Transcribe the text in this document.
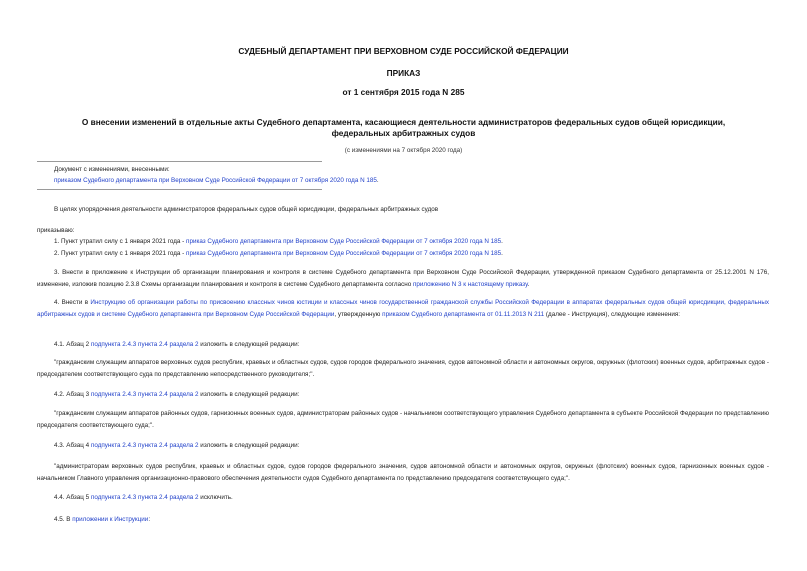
СУДЕБНЫЙ ДЕПАРТАМЕНТ ПРИ ВЕРХОВНОМ СУДЕ РОССИЙСКОЙ ФЕДЕРАЦИИ
ПРИКАЗ
от 1 сентября 2015 года N 285
О внесении изменений в отдельные акты Судебного департамента, касающиеся деятельности администраторов федеральных судов общей юрисдикции,
федеральных арбитражных судов
(с изменениями на 7 октября 2020 года)
Документ с изменениями, внесенными:
приказом Судебного департамента при Верховном Суде Российской Федерации от 7 октября 2020 года N 185.
В целях упорядочения деятельности администраторов федеральных судов общей юрисдикции, федеральных арбитражных судов
приказываю:
1. Пункт утратил силу с 1 января 2021 года - приказ Судебного департамента при Верховном Суде Российской Федерации от 7 октября 2020 года N 185.
2. Пункт утратил силу с 1 января 2021 года - приказ Судебного департамента при Верховном Суде Российской Федерации от 7 октября 2020 года N 185.
3. Внести в приложение к Инструкции об организации планирования и контроля в системе Судебного департамента при Верховном Суде Российской Федерации, утвержденной приказом Судебного департамента от 25.12.2001 N 176, изменение, изложив позицию 2.3.8 Схемы организации планирования и контроля в системе Судебного департамента согласно приложению N 3 к настоящему приказу.
4. Внести в Инструкцию об организации работы по присвоению классных чинов юстиции и классных чинов государственной гражданской службы Российской Федерации в аппаратах федеральных судов общей юрисдикции, федеральных арбитражных судов и системе Судебного департамента при Верховном Суде Российской Федерации, утвержденную приказом Судебного департамента от 01.11.2013 N 211 (далее - Инструкция), следующие изменения:
4.1. Абзац 2 подпункта 2.4.3 пункта 2.4 раздела 2 изложить в следующей редакции:
"гражданским служащим аппаратов верховных судов республик, краевых и областных судов, судов городов федерального значения, судов автономной области и автономных округов, окружных (флотских) военных судов, арбитражных судов - председателем соответствующего суда по представлению непосредственного руководителя;".
4.2. Абзац 3 подпункта 2.4.3 пункта 2.4 раздела 2 изложить в следующей редакции:
"гражданским служащим аппаратов районных судов, гарнизонных военных судов, администраторам районных судов - начальником соответствующего управления Судебного департамента в субъекте Российской Федерации по представлению председателя соответствующего суда;".
4.3. Абзац 4 подпункта 2.4.3 пункта 2.4 раздела 2 изложить в следующей редакции:
"администраторам верховных судов республик, краевых и областных судов, судов городов федерального значения, судов автономной области и автономных округов, окружных (флотских) военных судов, гарнизонных военных судов - начальником Главного управления организационно-правового обеспечения деятельности судов Судебного департамента по представлению председателя соответствующего суда;".
4.4. Абзац 5 подпункта 2.4.3 пункта 2.4 раздела 2 исключить.
4.5. В приложении к Инструкции:
